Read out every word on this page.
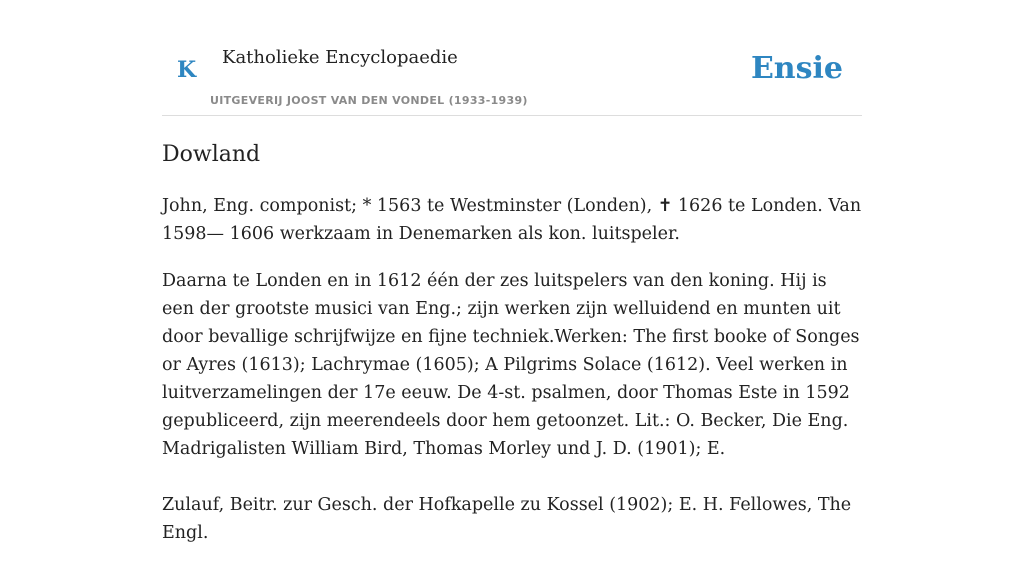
K Katholieke Encyclopaedie
UITGEVERIJ JOOST VAN DEN VONDEL (1933-1939)
Ensie
Dowland

John, Eng. componist; * 1563 te Westminster (Londen), ✝ 1626 te Londen. Van 1598— 1606 werkzaam in Denemarken als kon. luitspeler.

Daarna te Londen en in 1612 één der zes luitspelers van den koning. Hij is een der grootste musici van Eng.; zijn werken zijn welluidend en munten uit door bevallige schrijfwijze en fijne techniek.Werken: The first booke of Songes or Ayres (1613); Lachrymae (1605); A Pilgrims Solace (1612). Veel werken in luitverzamelingen der 17e eeuw. De 4-st. psalmen, door Thomas Este in 1592 gepubliceerd, zijn meerendeels door hem getoonzet. Lit.: O. Becker, Die Eng. Madrigalisten William Bird, Thomas Morley und J. D. (1901); E.

Zulauf, Beitr. zur Gesch. der Hofkapelle zu Kossel (1902); E. H. Fellowes, The Engl.
